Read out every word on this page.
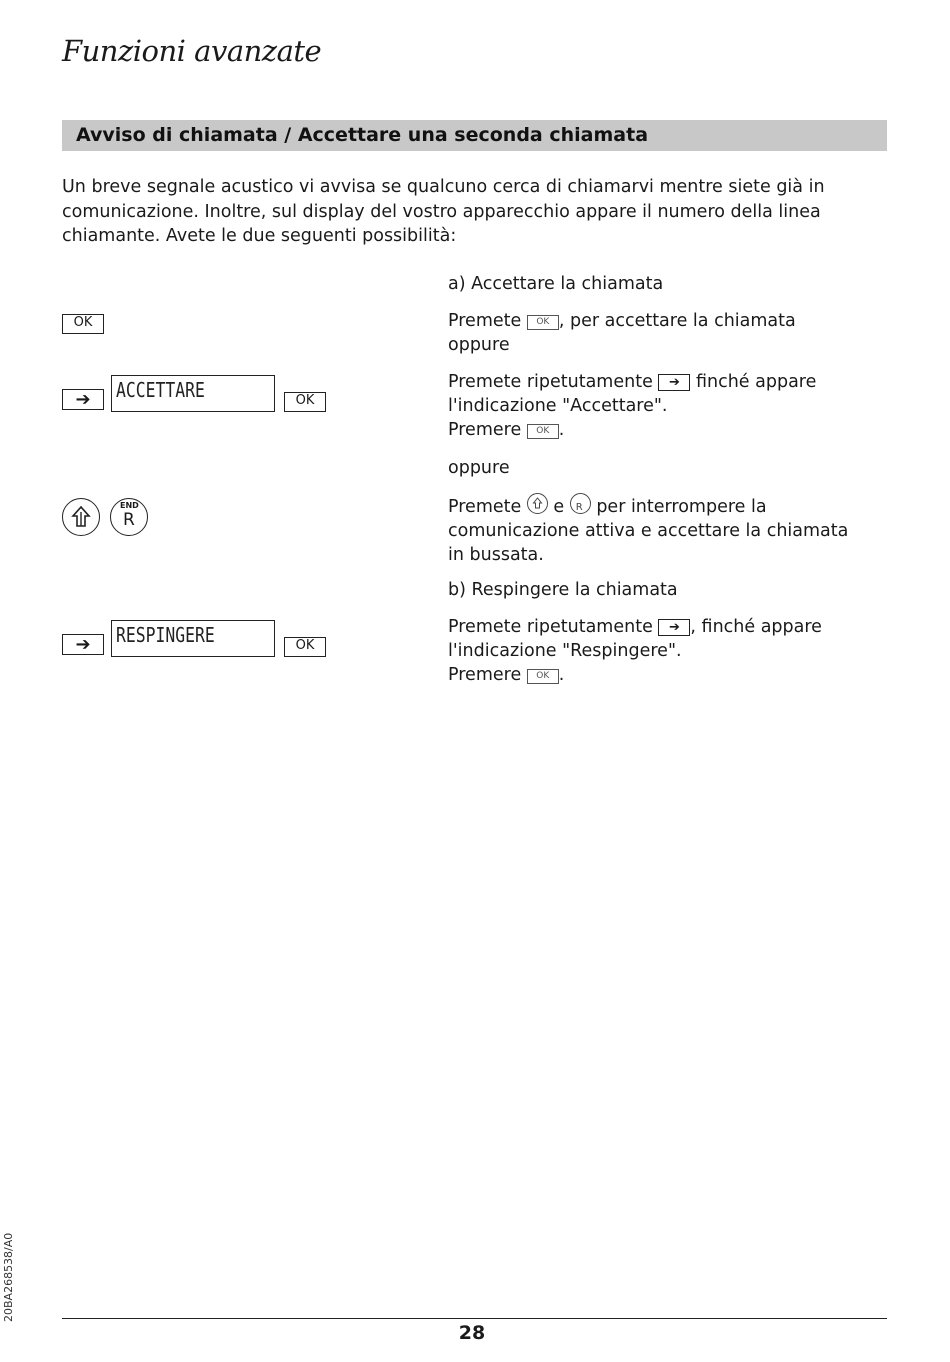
Funzioni avanzate
Avviso di chiamata / Accettare una seconda chiamata
Un breve segnale acustico vi avvisa se qualcuno cerca di chiamarvi mentre siete già in comunicazione. Inoltre, sul display del vostro apparecchio appare il numero della linea chiamante. Avete le due seguenti possibilità:
OK
➔	ACCETTARE	OK
END
R
➔	RESPINGERE	OK
a) Accettare la chiamata
Premete OK , per accettare la chiamata
oppure
Premete ripetutamente ➔ finché appare
l'indicazione "Accettare".
Premere OK .
oppure
Premete
e R per interrompere la comunicazione attiva e accettare la chiamata in bussata.
b) Respingere la chiamata
Premete ripetutamente ➔ , finché appare
l'indicazione "Respingere".
Premere OK .
20BA268538/A0
28
